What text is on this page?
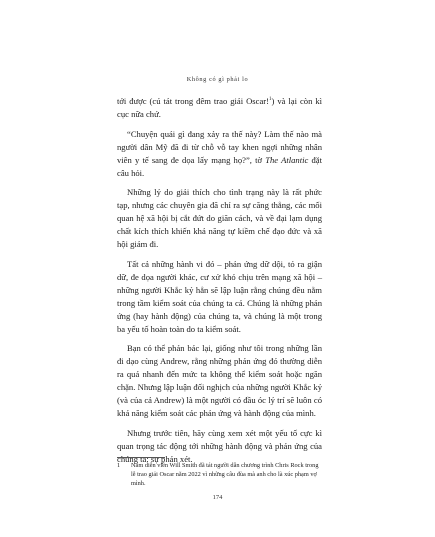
Không có gì phải lo

tới được (cú tát trong đêm trao giải Oscar!$^1$) và lại còn kì cục nữa chứ.

“Chuyện quái gì đang xảy ra thế này? Làm thế nào mà người dân Mỹ đã đi từ chỗ vỗ tay khen ngợi những nhân viên y tế sang đe dọa lấy mạng họ?”, tờ The Atlantic đặt câu hỏi.

Những lý do giải thích cho tình trạng này là rất phức tạp, nhưng các chuyên gia đã chỉ ra sự căng thẳng, các mối quan hệ xã hội bị cắt đứt do giãn cách, và về đại lạm dụng chất kích thích khiến khả năng tự kiềm chế đạo đức và xã hội giảm đi.

Tất cả những hành vi đó – phản ứng dữ dội, tỏ ra giận dữ, đe dọa người khác, cư xử khó chịu trên mạng xã hội – những người Khắc kỷ hẳn sẽ lập luận rằng chúng đều nằm trong tầm kiểm soát của chúng ta cả. Chúng là những phản ứng (hay hành động) của chúng ta, và chúng là một trong ba yếu tố hoàn toàn do ta kiểm soát.

Bạn có thể phản bác lại, giống như tôi trong những lần đi dạo cùng Andrew, rằng những phản ứng đó thường diễn ra quá nhanh đến mức ta không thể kiểm soát hoặc ngăn chặn. Nhưng lập luận đối nghịch của những người Khắc kỷ (và của cả Andrew) là một người có đầu óc lý trí sẽ luôn có khả năng kiểm soát các phản ứng và hành động của mình.

Nhưng trước tiên, hãy cùng xem xét một yếu tố cực kì quan trọng tác động tới những hành động và phản ứng của chúng ta: sự phán xét.

1	Nam diễn viên Will Smith đã tát người dẫn chương trình Chris Rock trong lễ trao giải Oscar năm 2022 vì những câu đùa mà anh cho là xúc phạm vợ mình.
174
